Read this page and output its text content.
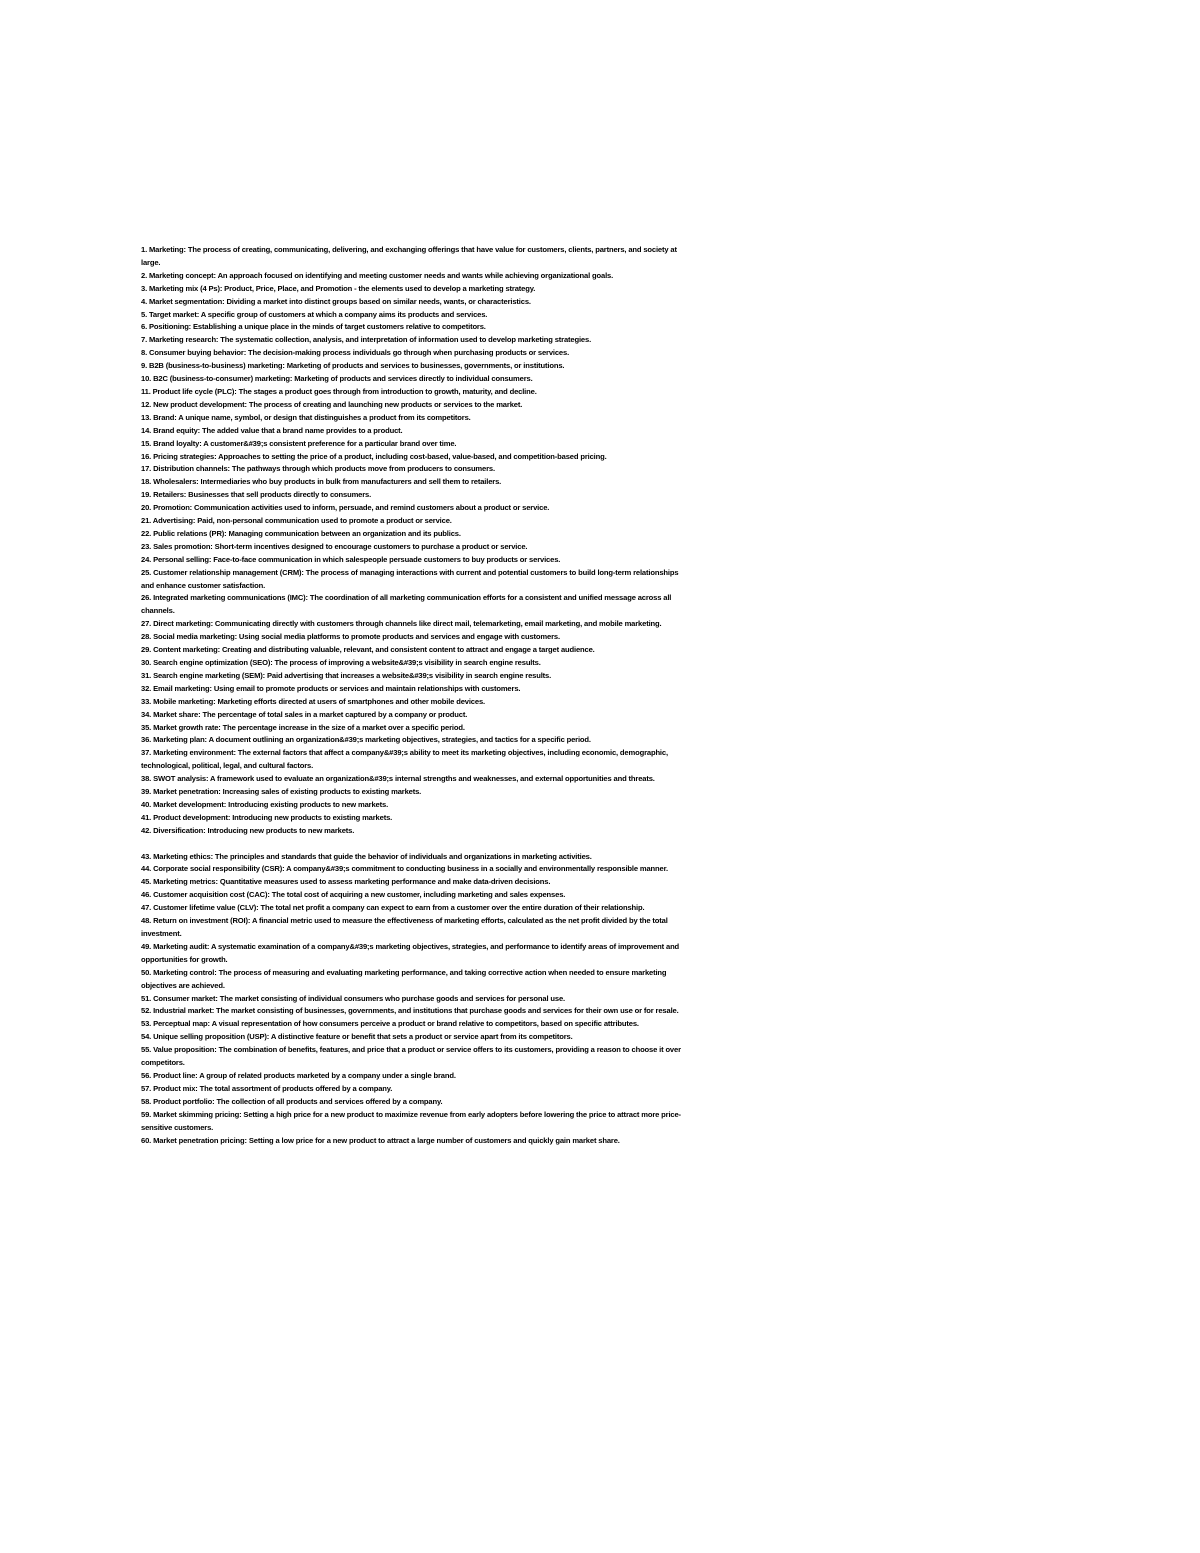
1. Marketing: The process of creating, communicating, delivering, and exchanging offerings that have value for customers, clients, partners, and society at large.

2. Marketing concept: An approach focused on identifying and meeting customer needs and wants while achieving organizational goals.

3. Marketing mix (4 Ps): Product, Price, Place, and Promotion - the elements used to develop a marketing strategy.

4. Market segmentation: Dividing a market into distinct groups based on similar needs, wants, or characteristics.

5. Target market: A specific group of customers at which a company aims its products and services.

6. Positioning: Establishing a unique place in the minds of target customers relative to competitors.

7. Marketing research: The systematic collection, analysis, and interpretation of information used to develop marketing strategies.

8. Consumer buying behavior: The decision-making process individuals go through when purchasing products or services.

9. B2B (business-to-business) marketing: Marketing of products and services to businesses, governments, or institutions.

10. B2C (business-to-consumer) marketing: Marketing of products and services directly to individual consumers.

11. Product life cycle (PLC): The stages a product goes through from introduction to growth, maturity, and decline.

12. New product development: The process of creating and launching new products or services to the market.

13. Brand: A unique name, symbol, or design that distinguishes a product from its competitors.

14. Brand equity: The added value that a brand name provides to a product.

15. Brand loyalty: A customer&#39;s consistent preference for a particular brand over time.

16. Pricing strategies: Approaches to setting the price of a product, including cost-based, value-based, and competition-based pricing.

17. Distribution channels: The pathways through which products move from producers to consumers.

18. Wholesalers: Intermediaries who buy products in bulk from manufacturers and sell them to retailers.

19. Retailers: Businesses that sell products directly to consumers.

20. Promotion: Communication activities used to inform, persuade, and remind customers about a product or service.

21. Advertising: Paid, non-personal communication used to promote a product or service.

22. Public relations (PR): Managing communication between an organization and its publics.

23. Sales promotion: Short-term incentives designed to encourage customers to purchase a product or service.

24. Personal selling: Face-to-face communication in which salespeople persuade customers to buy products or services.

25. Customer relationship management (CRM): The process of managing interactions with current and potential customers to build long-term relationships and enhance customer satisfaction.

26. Integrated marketing communications (IMC): The coordination of all marketing communication efforts for a consistent and unified message across all channels.

27. Direct marketing: Communicating directly with customers through channels like direct mail, telemarketing, email marketing, and mobile marketing.

28. Social media marketing: Using social media platforms to promote products and services and engage with customers.

29. Content marketing: Creating and distributing valuable, relevant, and consistent content to attract and engage a target audience.

30. Search engine optimization (SEO): The process of improving a website&#39;s visibility in search engine results.

31. Search engine marketing (SEM): Paid advertising that increases a website&#39;s visibility in search engine results.

32. Email marketing: Using email to promote products or services and maintain relationships with customers.

33. Mobile marketing: Marketing efforts directed at users of smartphones and other mobile devices.

34. Market share: The percentage of total sales in a market captured by a company or product.

35. Market growth rate: The percentage increase in the size of a market over a specific period.

36. Marketing plan: A document outlining an organization&#39;s marketing objectives, strategies, and tactics for a specific period.

37. Marketing environment: The external factors that affect a company&#39;s ability to meet its marketing objectives, including economic, demographic, technological, political, legal, and cultural factors.

38. SWOT analysis: A framework used to evaluate an organization&#39;s internal strengths and weaknesses, and external opportunities and threats.

39. Market penetration: Increasing sales of existing products to existing markets.

40. Market development: Introducing existing products to new markets.

41. Product development: Introducing new products to existing markets.

42. Diversification: Introducing new products to new markets.

43. Marketing ethics: The principles and standards that guide the behavior of individuals and organizations in marketing activities.

44. Corporate social responsibility (CSR): A company&#39;s commitment to conducting business in a socially and environmentally responsible manner.

45. Marketing metrics: Quantitative measures used to assess marketing performance and make data-driven decisions.

46. Customer acquisition cost (CAC): The total cost of acquiring a new customer, including marketing and sales expenses.

47. Customer lifetime value (CLV): The total net profit a company can expect to earn from a customer over the entire duration of their relationship.

48. Return on investment (ROI): A financial metric used to measure the effectiveness of marketing efforts, calculated as the net profit divided by the total investment.

49. Marketing audit: A systematic examination of a company&#39;s marketing objectives, strategies, and performance to identify areas of improvement and opportunities for growth.

50. Marketing control: The process of measuring and evaluating marketing performance, and taking corrective action when needed to ensure marketing objectives are achieved.

51. Consumer market: The market consisting of individual consumers who purchase goods and services for personal use.

52. Industrial market: The market consisting of businesses, governments, and institutions that purchase goods and services for their own use or for resale.

53. Perceptual map: A visual representation of how consumers perceive a product or brand relative to competitors, based on specific attributes.

54. Unique selling proposition (USP): A distinctive feature or benefit that sets a product or service apart from its competitors.

55. Value proposition: The combination of benefits, features, and price that a product or service offers to its customers, providing a reason to choose it over competitors.

56. Product line: A group of related products marketed by a company under a single brand.

57. Product mix: The total assortment of products offered by a company.

58. Product portfolio: The collection of all products and services offered by a company.

59. Market skimming pricing: Setting a high price for a new product to maximize revenue from early adopters before lowering the price to attract more price-sensitive customers.

60. Market penetration pricing: Setting a low price for a new product to attract a large number of customers and quickly gain market share.
